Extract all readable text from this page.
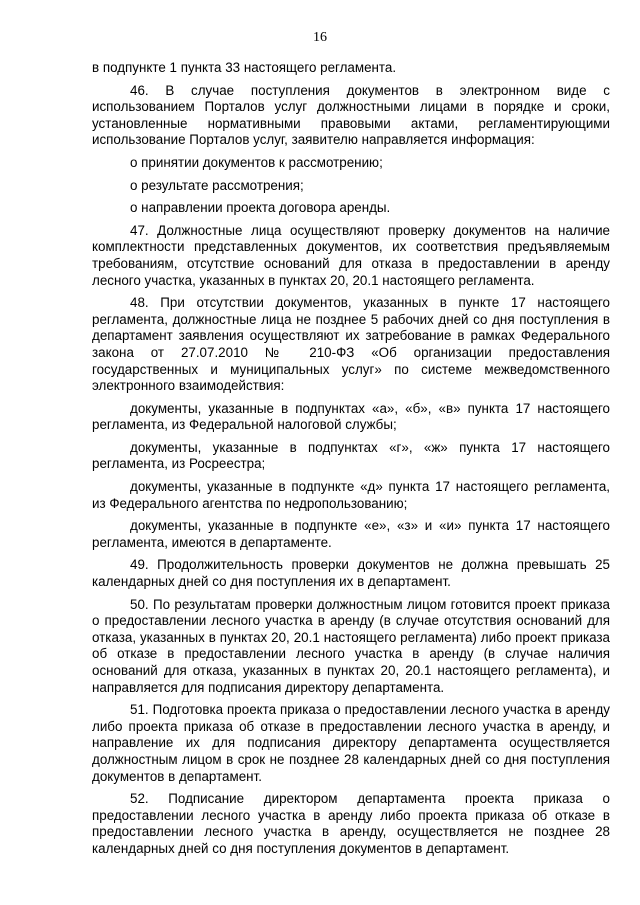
16

в подпункте 1 пункта 33 настоящего регламента.

46. В случае поступления документов в электронном виде с использованием Порталов услуг должностными лицами в порядке и сроки, установленные нормативными правовыми актами, регламентирующими использование Порталов услуг, заявителю направляется информация:

о принятии документов к рассмотрению;

о результате рассмотрения;

о направлении проекта договора аренды.

47. Должностные лица осуществляют проверку документов на наличие комплектности представленных документов, их соответствия предъявляемым требованиям, отсутствие оснований для отказа в предоставлении в аренду лесного участка, указанных в пунктах 20, 20.1 настоящего регламента.

48. При отсутствии документов, указанных в пункте 17 настоящего регламента, должностные лица не позднее 5 рабочих дней со дня поступления в департамент заявления осуществляют их затребование в рамках Федерального закона от 27.07.2010 № 210-ФЗ «Об организации предоставления государственных и муниципальных услуг» по системе межведомственного электронного взаимодействия:

документы, указанные в подпунктах «а», «б», «в» пункта 17 настоящего регламента, из Федеральной налоговой службы;

документы, указанные в подпунктах «г», «ж» пункта 17 настоящего регламента, из Росреестра;

документы, указанные в подпункте «д» пункта 17 настоящего регламента, из Федерального агентства по недропользованию;

документы, указанные в подпункте «е», «з» и «и» пункта 17 настоящего регламента, имеются в департаменте.

49. Продолжительность проверки документов не должна превышать 25 календарных дней со дня поступления их в департамент.

50. По результатам проверки должностным лицом готовится проект приказа о предоставлении лесного участка в аренду (в случае отсутствия оснований для отказа, указанных в пунктах 20, 20.1 настоящего регламента) либо проект приказа об отказе в предоставлении лесного участка в аренду (в случае наличия оснований для отказа, указанных в пунктах 20, 20.1 настоящего регламента), и направляется для подписания директору департамента.

51. Подготовка проекта приказа о предоставлении лесного участка в аренду либо проекта приказа об отказе в предоставлении лесного участка в аренду, и направление их для подписания директору департамента осуществляется должностным лицом в срок не позднее 28 календарных дней со дня поступления документов в департамент.

52. Подписание директором департамента проекта приказа о предоставлении лесного участка в аренду либо проекта приказа об отказе в предоставлении лесного участка в аренду, осуществляется не позднее 28 календарных дней со дня поступления документов в департамент.
